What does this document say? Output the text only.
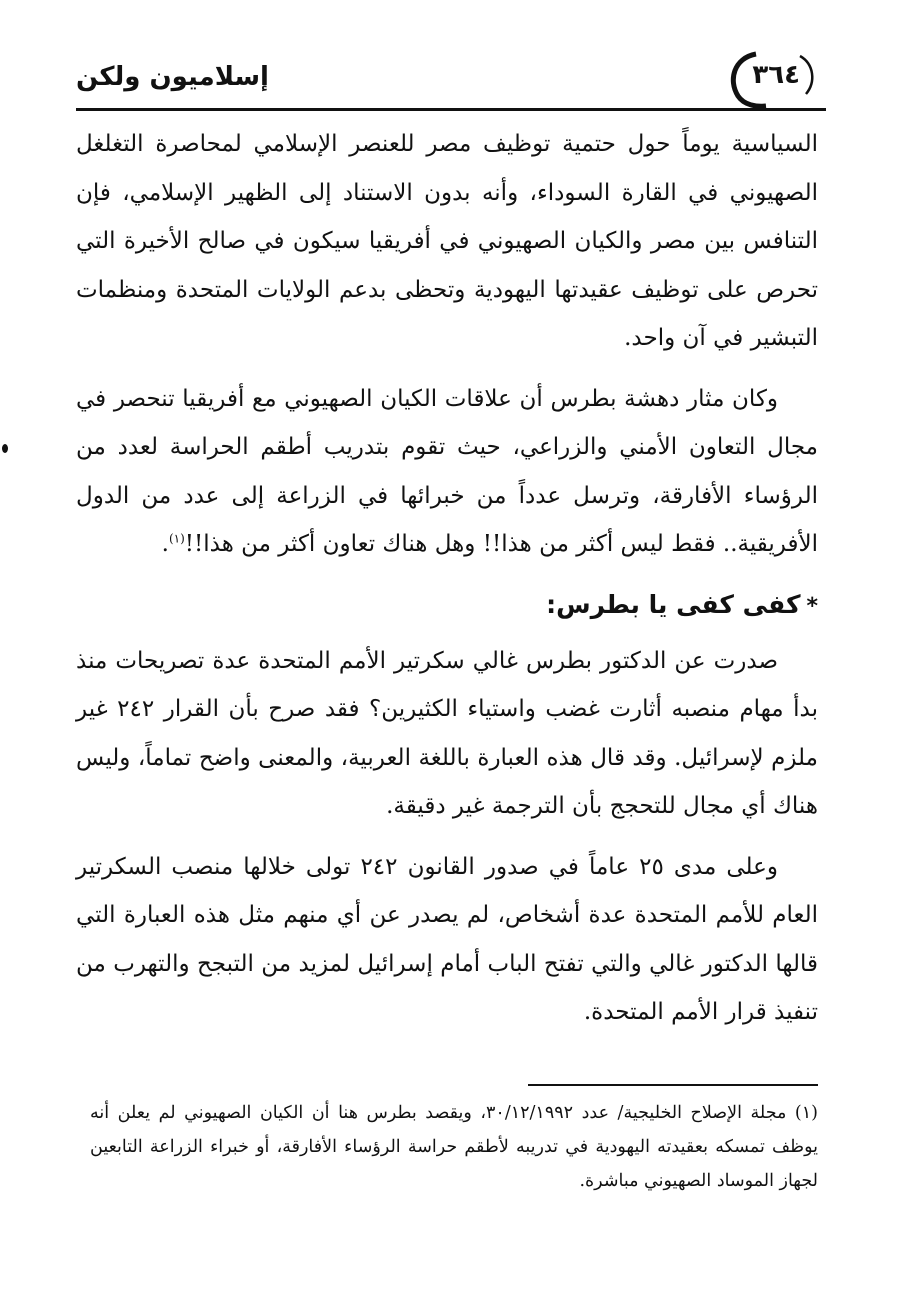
إسلاميون ولكن	٣٦٤

السياسية يوماً حول حتمية توظيف مصر للعنصر الإسلامي لمحاصرة التغلغل الصهيوني في القارة السوداء، وأنه بدون الاستناد إلى الظهير الإسلامي، فإن التنافس بين مصر والكيان الصهيوني في أفريقيا سيكون في صالح الأخيرة التي تحرص على توظيف عقيدتها اليهودية وتحظى بدعم الولايات المتحدة ومنظمات التبشير في آن واحد.

وكان مثار دهشة بطرس أن علاقات الكيان الصهيوني مع أفريقيا تنحصر في مجال التعاون الأمني والزراعي، حيث تقوم بتدريب أطقم الحراسة لعدد من الرؤساء الأفارقة، وترسل عدداً من خبرائها في الزراعة إلى عدد من الدول الأفريقية.. فقط ليس أكثر من هذا!! وهل هناك تعاون أكثر من هذا!!$^{(١)}$.

*كفى كفى يا بطرس:

صدرت عن الدكتور بطرس غالي سكرتير الأمم المتحدة عدة تصريحات منذ بدأ مهام منصبه أثارت غضب واستياء الكثيرين؟ فقد صرح بأن القرار ٢٤٢ غير ملزم لإسرائيل. وقد قال هذه العبارة باللغة العربية، والمعنى واضح تماماً، وليس هناك أي مجال للتحجج بأن الترجمة غير دقيقة.

وعلى مدى ٢٥ عاماً في صدور القانون ٢٤٢ تولى خلالها منصب السكرتير العام للأمم المتحدة عدة أشخاص، لم يصدر عن أي منهم مثل هذه العبارة التي قالها الدكتور غالي والتي تفتح الباب أمام إسرائيل لمزيد من التبجح والتهرب من تنفيذ قرار الأمم المتحدة.

(١) مجلة الإصلاح الخليجية/ عدد ٣٠/١٢/١٩٩٢، ويقصد بطرس هنا أن الكيان الصهيوني لم يعلن أنه يوظف تمسكه بعقيدته اليهودية في تدريبه لأطقم حراسة الرؤساء الأفارقة، أو خبراء الزراعة التابعين لجهاز الموساد الصهيوني مباشرة.
